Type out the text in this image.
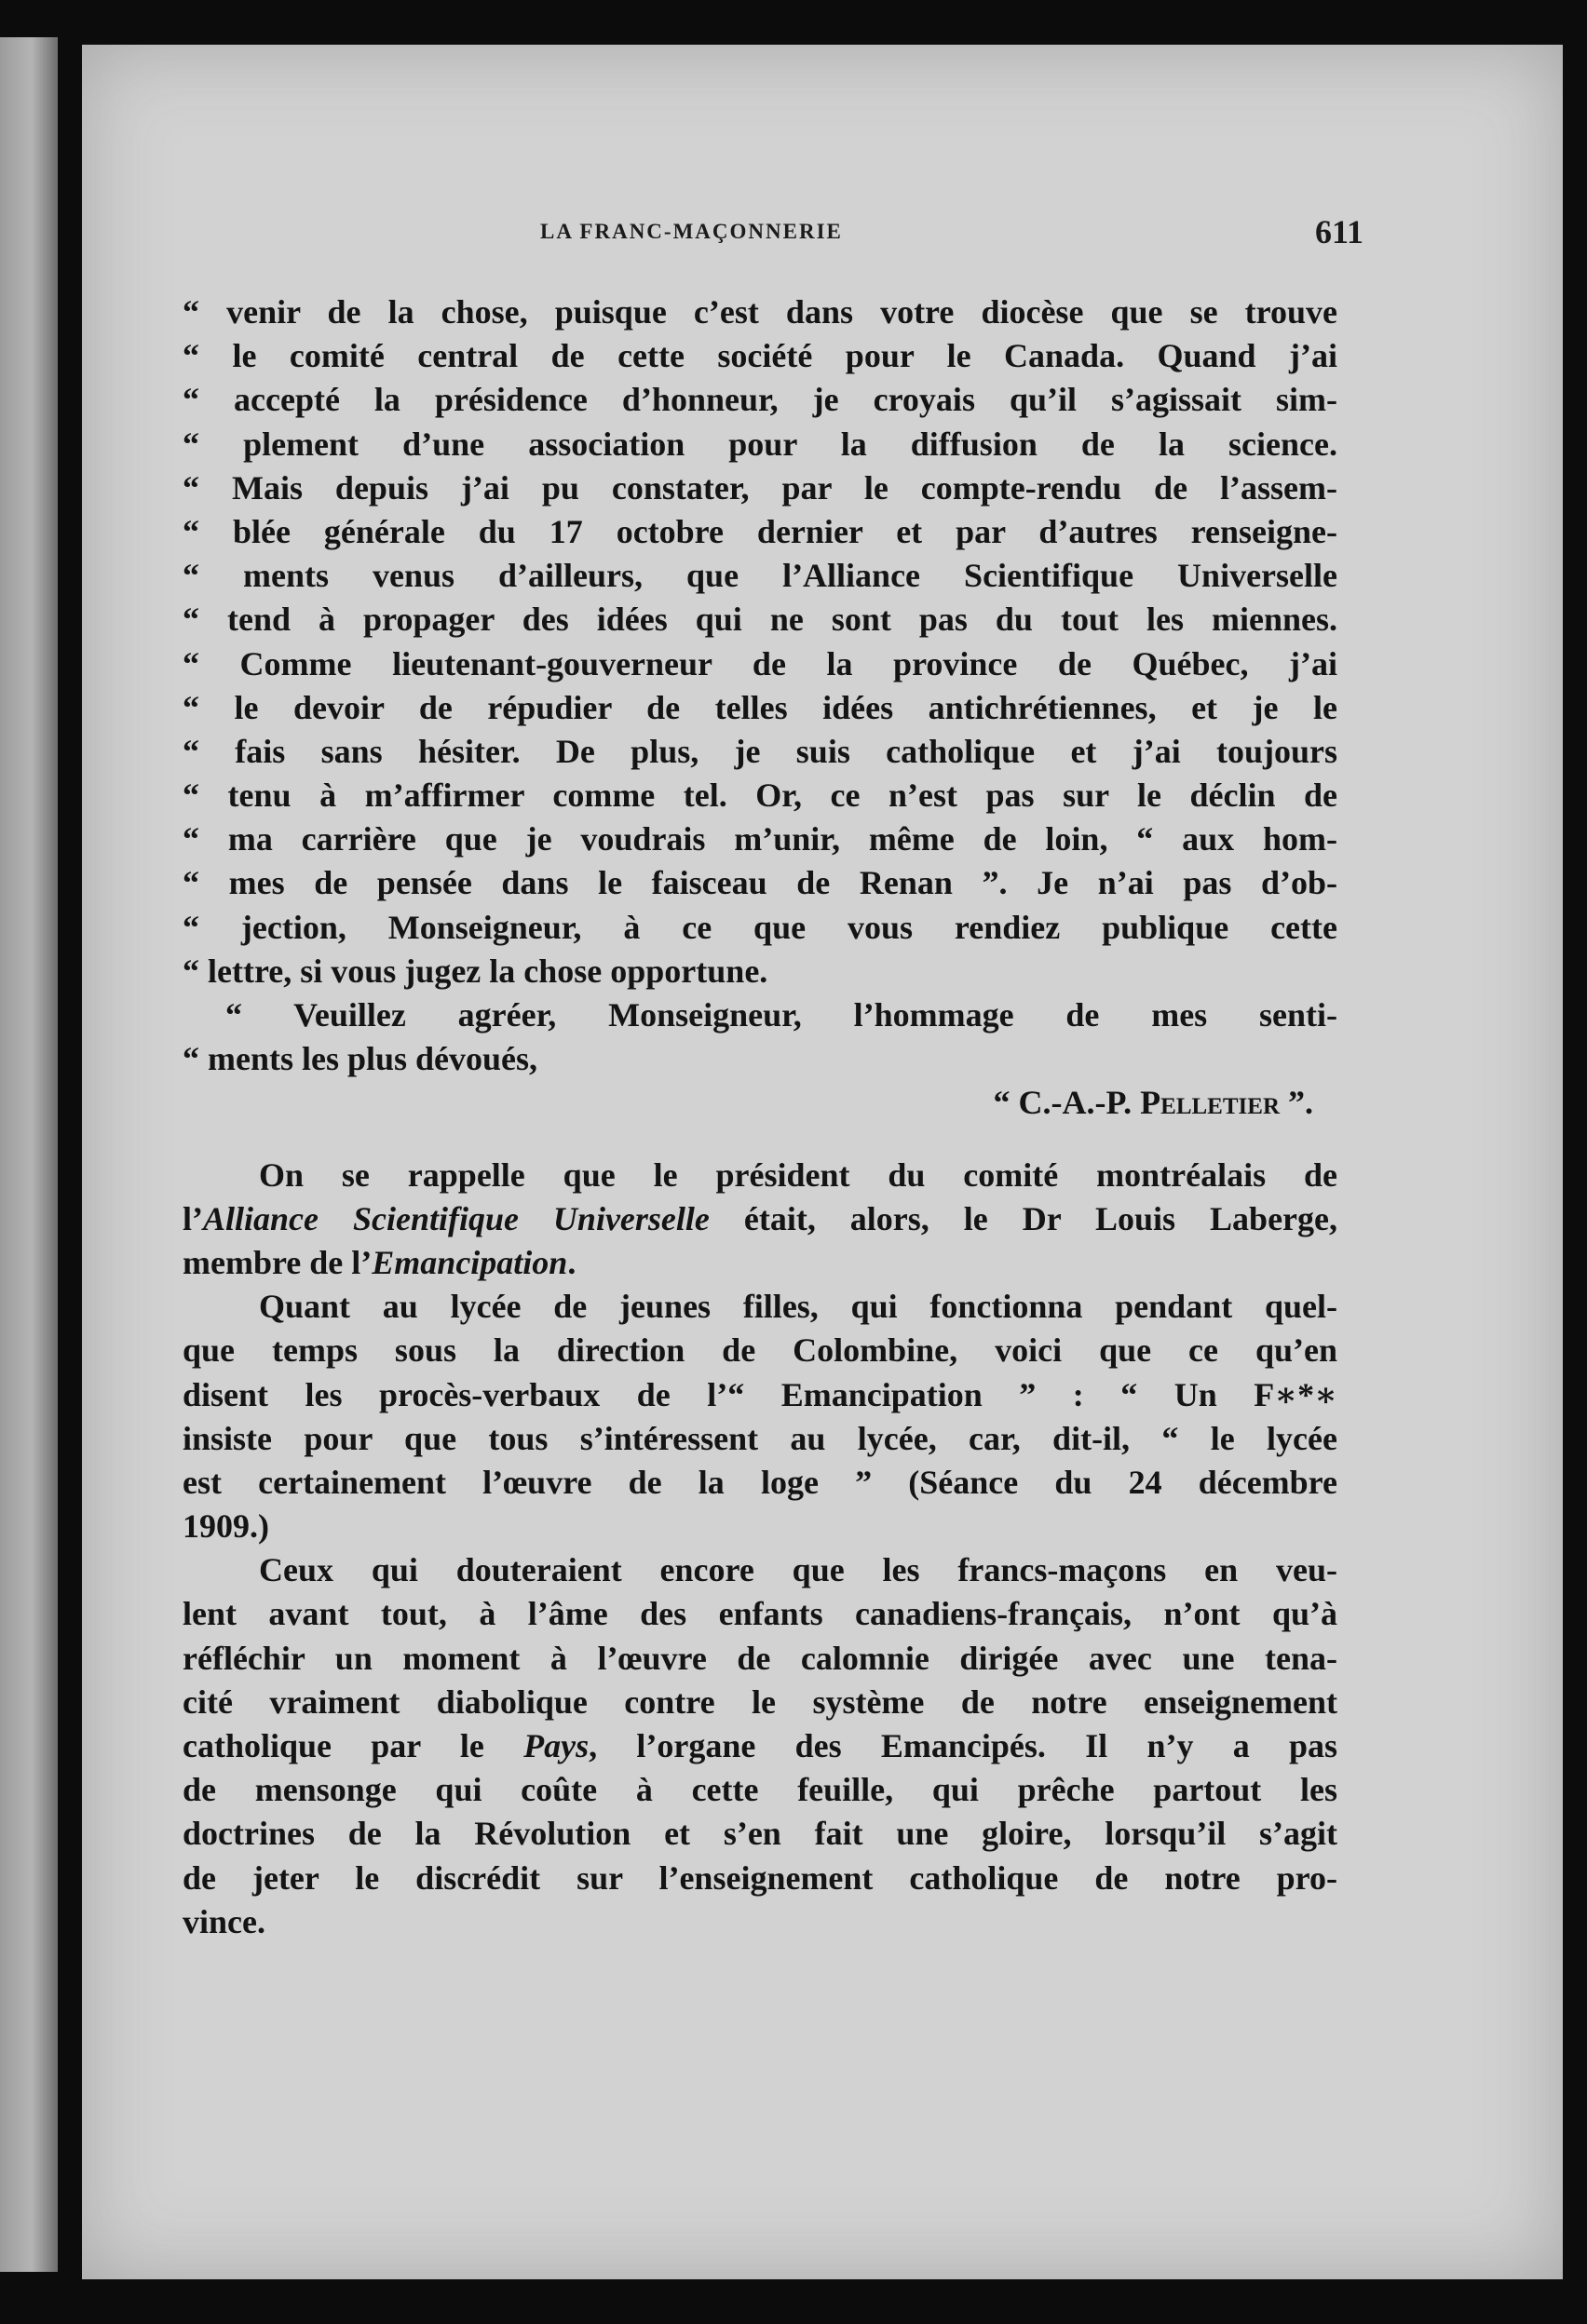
LA FRANC-MAÇONNERIE	611
“ venir de la chose, puisque c’est dans votre diocèse que se trouve
“ le comité central de cette société pour le Canada. Quand j’ai
“ accepté la présidence d’honneur, je croyais qu’il s’agissait sim-
“ plement d’une association pour la diffusion de la science.
“ Mais depuis j’ai pu constater, par le compte-rendu de l’assem-
“ blée générale du 17 octobre dernier et par d’autres renseigne-
“ ments venus d’ailleurs, que l’Alliance Scientifique Universelle
“ tend à propager des idées qui ne sont pas du tout les miennes.
“ Comme lieutenant-gouverneur de la province de Québec, j’ai
“ le devoir de répudier de telles idées antichrétiennes, et je le
“ fais sans hésiter. De plus, je suis catholique et j’ai toujours
“ tenu à m’affirmer comme tel. Or, ce n’est pas sur le déclin de
“ ma carrière que je voudrais m’unir, même de loin, “ aux hom-
“ mes de pensée dans le faisceau de Renan ”. Je n’ai pas d’ob-
“ jection, Monseigneur, à ce que vous rendiez publique cette
“ lettre, si vous jugez la chose opportune.
“ Veuillez agréer, Monseigneur, l’hommage de mes senti-
“ ments les plus dévoués,
“ C.-A.-P. Pelletier ”.
On se rappelle que le président du comité montréalais de
l’Alliance Scientifique Universelle était, alors, le Dr Louis Laberge,
membre de l’Emancipation.
Quant au lycée de jeunes filles, qui fonctionna pendant quel-
que temps sous la direction de Colombine, voici que ce qu’en
disent les procès-verbaux de l’“ Emancipation ” : “ Un F∗*∗
insiste pour que tous s’intéressent au lycée, car, dit-il, “ le lycée
est certainement l’œuvre de la loge ” (Séance du 24 décembre
1909.)
Ceux qui douteraient encore que les francs-maçons en veu-
lent avant tout, à l’âme des enfants canadiens-français, n’ont qu’à
réfléchir un moment à l’œuvre de calomnie dirigée avec une tena-
cité vraiment diabolique contre le système de notre enseignement
catholique par le Pays, l’organe des Emancipés. Il n’y a pas
de mensonge qui coûte à cette feuille, qui prêche partout les
doctrines de la Révolution et s’en fait une gloire, lorsqu’il s’agit
de jeter le discrédit sur l’enseignement catholique de notre pro-
vince.
